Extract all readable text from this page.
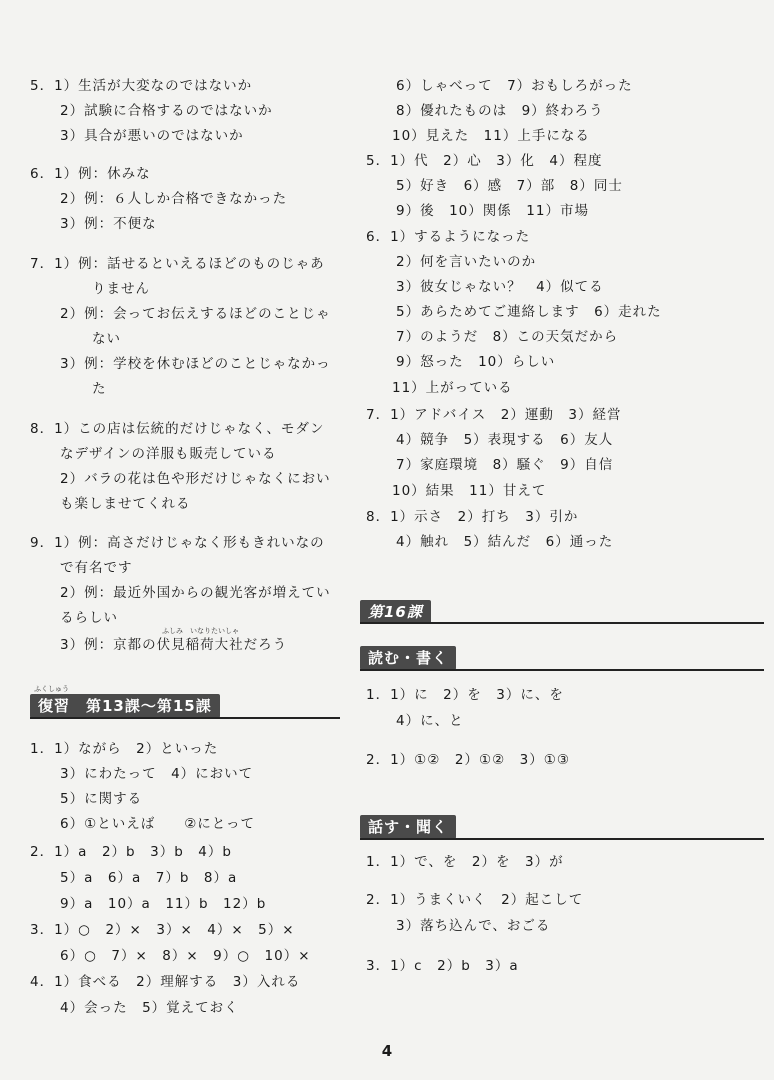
5．1）生活が大変なのではないか
2）試験に合格するのではないか
3）具合が悪いのではないか
6．1）例：休みな
2）例：６人しか合格できなかった
3）例：不便な
7．1）例：話せるといえるほどのものじゃあ
りません
2）例：会ってお伝えするほどのことじゃ
ない
3）例：学校を休むほどのことじゃなかっ
た
8．1）この店は伝統的だけじゃなく、モダン
なデザインの洋服も販売している
2）バラの花は色や形だけじゃなくにおい
も楽しませてくれる
9．1）例：高さだけじゃなく形もきれいなの
で有名です
2）例：最近外国からの観光客が増えてい
るらしい
ふしみ　いなりたいしゃ
3）例：京都の伏見稲荷大社だろう
ふくしゅう
復習　第13課～第15課
1．1）ながら　2）といった
3）にわたって　4）において
5）に関する
6）①といえば　　②にとって
2．1）a　2）b　3）b　4）b
5）a　6）a　7）b　8）a
9）a　10）a　11）b　12）b
3．1）○　2）×　3）×　4）×　5）×
6）○　7）×　8）×　9）○　10）×
4．1）食べる　2）理解する　3）入れる
4）会った　5）覚えておく
6）しゃべって　7）おもしろがった
8）優れたものは　9）終わろう
10）見えた　11）上手になる
5．1）代　2）心　3）化　4）程度
5）好き　6）感　7）部　8）同士
9）後　10）関係　11）市場
6．1）するようになった
2）何を言いたいのか
3）彼女じゃない？　4）似てる
5）あらためてご連絡します　6）走れた
7）のようだ　8）この天気だから
9）怒った　10）らしい
11）上がっている
7．1）アドバイス　2）運動　3）経営
4）競争　5）表現する　6）友人
7）家庭環境　8）騒ぐ　9）自信
10）結果　11）甘えて
8．1）示さ　2）打ち　3）引か
4）触れ　5）結んだ　6）通った
第16課
読む・書く
1．1）に　2）を　3）に、を
4）に、と
2．1）①②　2）①②　3）①③
話す・聞く
1．1）で、を　2）を　3）が
2．1）うまくいく　2）起こして
3）落ち込んで、おごる
3．1）c　2）b　3）a
4
